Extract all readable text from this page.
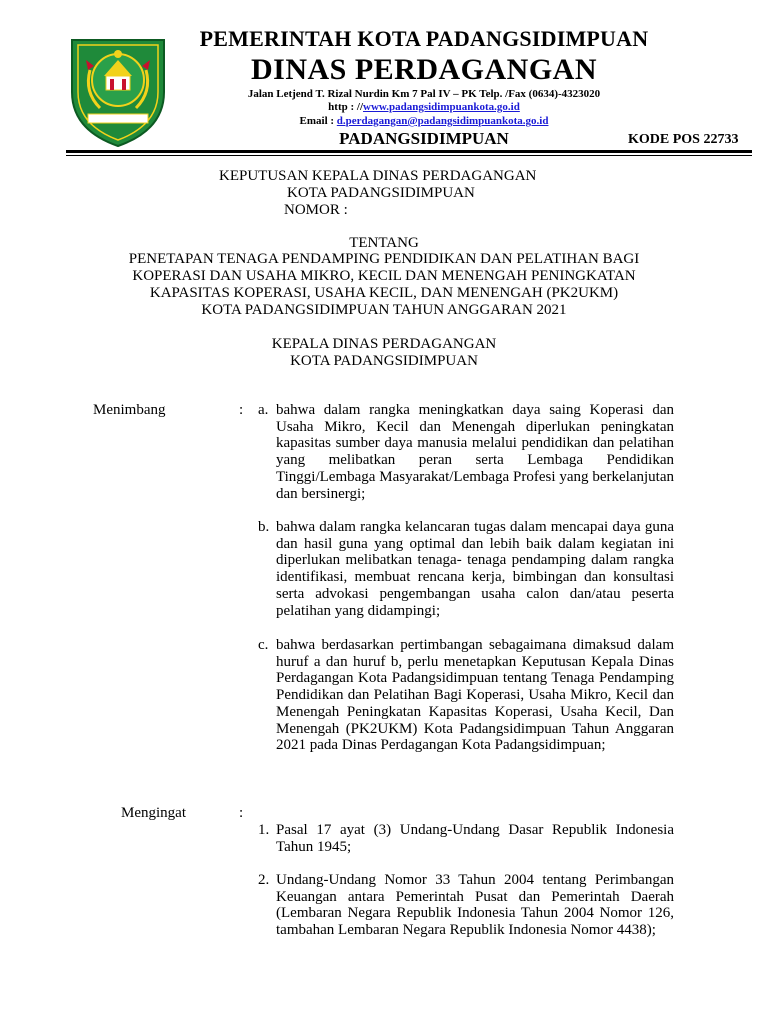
PEMERINTAH KOTA PADANGSIDIMPUAN
DINAS PERDAGANGAN
Jalan Letjend T. Rizal Nurdin Km 7 Pal IV – PK Telp. /Fax (0634)-4323020
http : //www.padangsidimpuankota.go.id
Email : d.perdagangan@padangsidimpuankota.go.id
PADANGSIDIMPUAN	KODE POS 22733
KEPUTUSAN KEPALA DINAS PERDAGANGAN
KOTA PADANGSIDIMPUAN
NOMOR :
TENTANG
PENETAPAN TENAGA PENDAMPING PENDIDIKAN DAN PELATIHAN BAGI
KOPERASI DAN USAHA MIKRO, KECIL DAN MENENGAH PENINGKATAN
KAPASITAS KOPERASI, USAHA KECIL, DAN MENENGAH (PK2UKM)
KOTA PADANGSIDIMPUAN TAHUN ANGGARAN 2021
KEPALA DINAS PERDAGANGAN
KOTA PADANGSIDIMPUAN
Menimbang	: a. bahwa dalam rangka meningkatkan daya saing Koperasi dan Usaha Mikro, Kecil dan Menengah diperlukan peningkatan kapasitas sumber daya manusia melalui pendidikan dan pelatihan yang melibatkan peran serta Lembaga Pendidikan Tinggi/Lembaga Masyarakat/Lembaga Profesi yang berkelanjutan dan bersinergi;
b. bahwa dalam rangka kelancaran tugas dalam mencapai daya guna dan hasil guna yang optimal dan lebih baik dalam kegiatan ini diperlukan melibatkan tenaga- tenaga pendamping dalam rangka identifikasi, membuat rencana kerja, bimbingan dan konsultasi serta advokasi pengembangan usaha calon dan/atau peserta pelatihan yang didampingi;
c. bahwa berdasarkan pertimbangan sebagaimana dimaksud dalam huruf a dan huruf b, perlu menetapkan Keputusan Kepala Dinas Perdagangan Kota Padangsidimpuan tentang Tenaga Pendamping Pendidikan dan Pelatihan Bagi Koperasi, Usaha Mikro, Kecil dan Menengah Peningkatan Kapasitas Koperasi, Usaha Kecil, Dan Menengah (PK2UKM) Kota Padangsidimpuan Tahun Anggaran 2021 pada Dinas Perdagangan Kota Padangsidimpuan;
Mengingat	:
1. Pasal 17 ayat (3) Undang-Undang Dasar Republik Indonesia Tahun 1945;
2. Undang-Undang Nomor 33 Tahun 2004 tentang Perimbangan Keuangan antara Pemerintah Pusat dan Pemerintah Daerah (Lembaran Negara Republik Indonesia Tahun 2004 Nomor 126, tambahan Lembaran Negara Republik Indonesia Nomor 4438);
